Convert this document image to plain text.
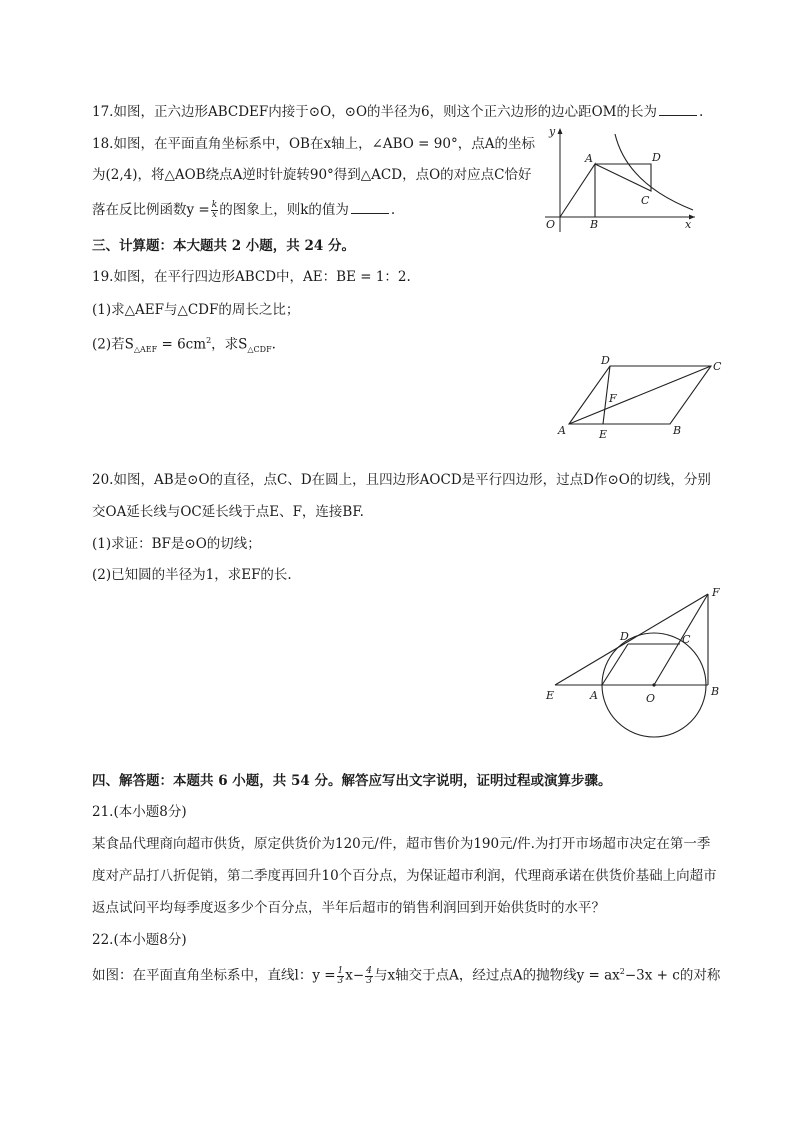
17.如图，正六边形ABCDEF内接于⊙O，⊙O的半径为6，则这个正六边形的边心距OM的长为	.
18.如图，在平面直角坐标系中，OB在x轴上，∠ABO = 90°，点A的坐标
为(2,4)，将△AOB绕点A逆时针旋转90°得到△ACD，点O的对应点C恰好
落在反比例函数$y = \frac{k}{x}$ 的图象上，则k的值为	.
y
A	D
C
O	B	x
三、计算题：本大题共 2 小题，共 24 分。
19.如图，在平行四边形ABCD中，AE：BE = 1：2.
(1)求△AEF与△CDF的周长之比；
(2)若$S_{\triangle AEF} = 6cm^2$，求$S_{\triangle CDF}$.
D	C
F
A	E	B
20.如图，AB是⊙O的直径，点C、D在圆上，且四边形AOCD是平行四边形，过点D作⊙O的切线，分别
交OA延长线与OC延长线于点E、F，连接BF.
(1)求证：BF是⊙O的切线；
(2)已知圆的半径为1，求EF的长.
F
D	C
E	A	O
B
四、解答题：本题共 6 小题，共 54 分。解答应写出文字说明，证明过程或演算步骤。
21.(本小题8分)
某食品代理商向超市供货，原定供货价为120元/件，超市售价为190元/件.为打开市场超市决定在第一季
度对产品打八折促销，第二季度再回升10个百分点，为保证超市利润，代理商承诺在供货价基础上向超市
返点试问平均每季度返多少个百分点，半年后超市的销售利润回到开始供货时的水平？
22.(本小题8分)
如图：在平面直角坐标系中，直线l：$y = \frac{1}{3} x- \frac{4}{3}$ 与x轴交于点A，经过点A的抛物线$y = ax^2-3x + c$的对称
